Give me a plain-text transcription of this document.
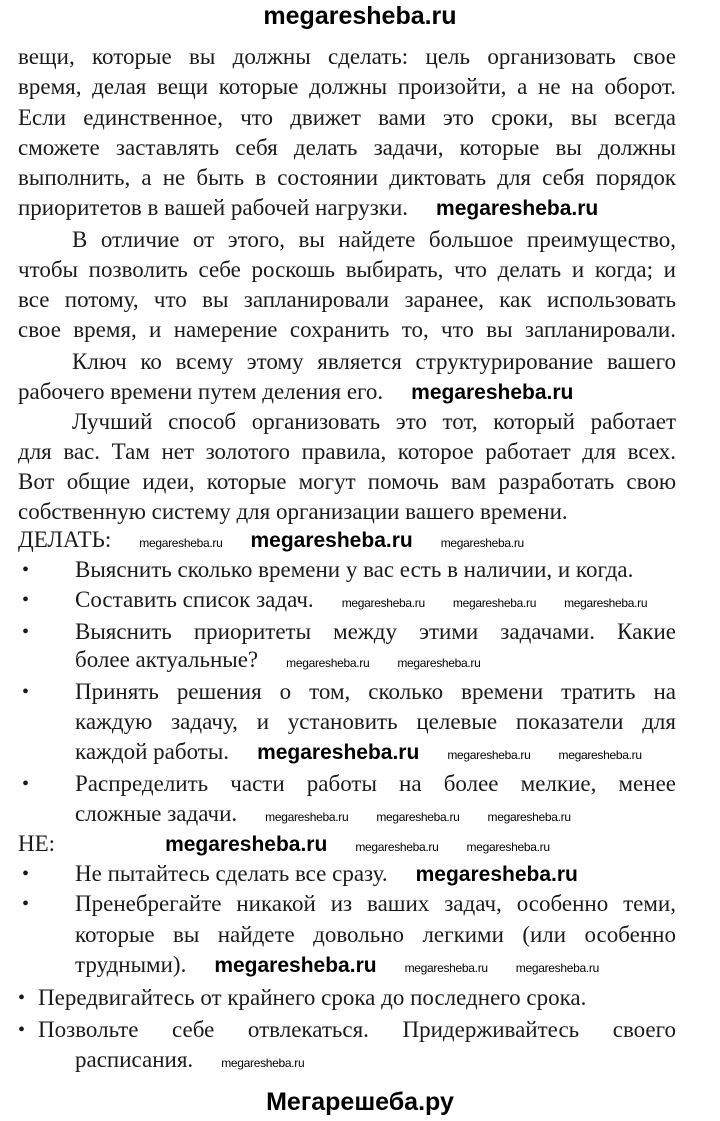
megaresheba.ru
вещи, которые вы должны сделать: цель организовать свое
время, делая вещи которые должны произойти, а не на оборот.
Если единственное, что движет вами это сроки, вы всегда
сможете заставлять себя делать задачи, которые вы должны
выполнить, а не быть в состоянии диктовать для себя порядок
приоритетов в вашей рабочей нагрузки. megaresheba.ru
В отличие от этого, вы найдете большое преимущество,
чтобы позволить себе роскошь выбирать, что делать и когда; и
все потому, что вы запланировали заранее, как использовать
свое время, и намерение сохранить то, что вы запланировали.
Ключ ко всему этому является структурирование вашего
рабочего времени путем деления его. megaresheba.ru
Лучший способ организовать это тот, который работает
для вас. Там нет золотого правила, которое работает для всех.
Вот общие идеи, которые могут помочь вам разработать свою
собственную систему для организации вашего времени.
ДЕЛАТЬ: megaresheba.ru megaresheba.ru megaresheba.ru
• Выяснить сколько времени у вас есть в наличии, и когда.
• Составить список задач. megaresheba.ru megaresheba.ru megaresheba.ru
• Выяснить приоритеты между этими задачами. Какие
более актуальные? megaresheba.ru megaresheba.ru
• Принять решения о том, сколько времени тратить на
каждую задачу, и установить целевые показатели для
каждой работы. megaresheba.ru megaresheba.ru megaresheba.ru
• Распределить части работы на более мелкие, менее
сложные задачи. megaresheba.ru megaresheba.ru megaresheba.ru
НЕ:	megaresheba.ru megaresheba.ru megaresheba.ru
• Не пытайтесь сделать все сразу. megaresheba.ru
• Пренебрегайте никакой из ваших задач, особенно теми,
которые вы найдете довольно легкими (или особенно
трудными). megaresheba.ru megaresheba.ru megaresheba.ru
• Передвигайтесь от крайнего срока до последнего срока.
• Позвольте себе отвлекаться. Придерживайтесь своего
расписания. megaresheba.ru
Мегарешеба.ру
